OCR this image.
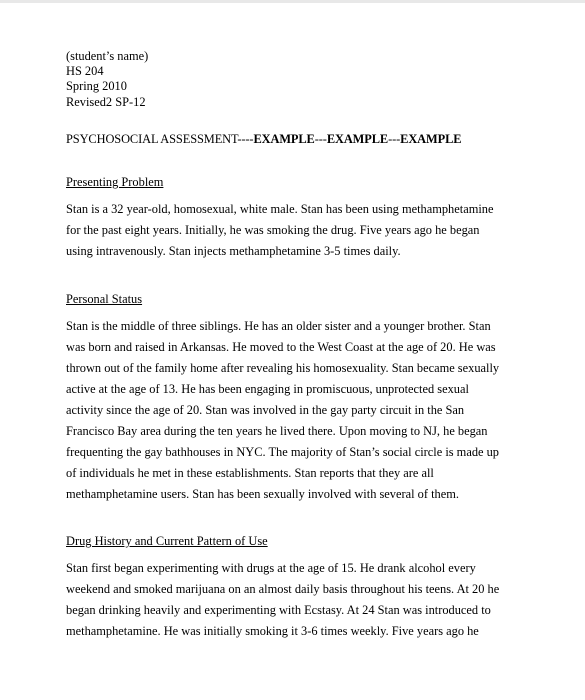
(student’s name)
HS 204
Spring 2010
Revised2 SP-12
PSYCHOSOCIAL ASSESSMENT----EXAMPLE---EXAMPLE---EXAMPLE
Presenting Problem
Stan is a 32 year-old, homosexual, white male. Stan has been using methamphetamine
for the past eight years. Initially, he was smoking the drug. Five years ago he began
using intravenously. Stan injects methamphetamine 3-5 times daily.
Personal Status
Stan is the middle of three siblings. He has an older sister and a younger brother. Stan
was born and raised in Arkansas. He moved to the West Coast at the age of 20. He was
thrown out of the family home after revealing his homosexuality. Stan became sexually
active at the age of 13. He has been engaging in promiscuous, unprotected sexual
activity since the age of 20. Stan was involved in the gay party circuit in the San
Francisco Bay area during the ten years he lived there. Upon moving to NJ, he began
frequenting the gay bathhouses in NYC. The majority of Stan’s social circle is made up
of individuals he met in these establishments. Stan reports that they are all
methamphetamine users. Stan has been sexually involved with several of them.
Drug History and Current Pattern of Use
Stan first began experimenting with drugs at the age of 15. He drank alcohol every
weekend and smoked marijuana on an almost daily basis throughout his teens. At 20 he
began drinking heavily and experimenting with Ecstasy. At 24 Stan was introduced to
methamphetamine. He was initially smoking it 3-6 times weekly. Five years ago he
